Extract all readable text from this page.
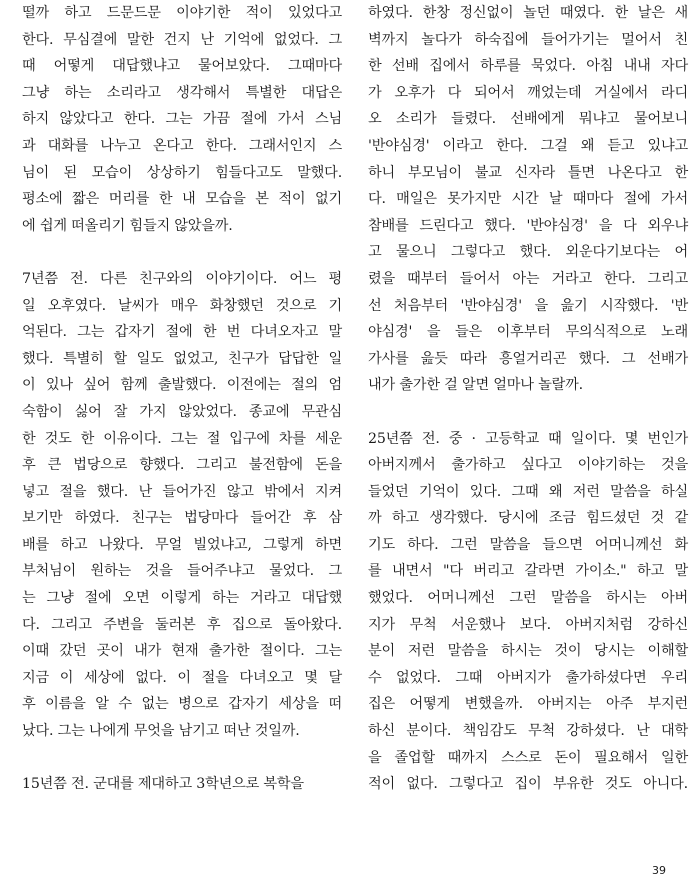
떨까 하고 드문드문 이야기한 적이 있었다고
한다. 무심결에 말한 건지 난 기억에 없었다. 그
때 어떻게 대답했냐고 물어보았다. 그때마다
그냥 하는 소리라고 생각해서 특별한 대답은
하지 않았다고 한다. 그는 가끔 절에 가서 스님
과 대화를 나누고 온다고 한다. 그래서인지 스
님이 된 모습이 상상하기 힘들다고도 말했다.
평소에 짧은 머리를 한 내 모습을 본 적이 없기
에 쉽게 떠올리기 힘들지 않았을까.
7년쯤 전. 다른 친구와의 이야기이다. 어느 평
일 오후였다. 날씨가 매우 화창했던 것으로 기
억된다. 그는 갑자기 절에 한 번 다녀오자고 말
했다. 특별히 할 일도 없었고, 친구가 답답한 일
이 있나 싶어 함께 출발했다. 이전에는 절의 엄
숙함이 싫어 잘 가지 않았었다. 종교에 무관심
한 것도 한 이유이다. 그는 절 입구에 차를 세운
후 큰 법당으로 향했다. 그리고 불전함에 돈을
넣고 절을 했다. 난 들어가진 않고 밖에서 지켜
보기만 하였다. 친구는 법당마다 들어간 후 삼
배를 하고 나왔다. 무얼 빌었냐고, 그렇게 하면
부처님이 원하는 것을 들어주냐고 물었다. 그
는 그냥 절에 오면 이렇게 하는 거라고 대답했
다. 그리고 주변을 둘러본 후 집으로 돌아왔다.
이때 갔던 곳이 내가 현재 출가한 절이다. 그는
지금 이 세상에 없다. 이 절을 다녀오고 몇 달
후 이름을 알 수 없는 병으로 갑자기 세상을 떠
났다. 그는 나에게 무엇을 남기고 떠난 것일까.
15년쯤 전. 군대를 제대하고 3학년으로 복학을
하였다. 한창 정신없이 놀던 때였다. 한 날은 새
벽까지 놀다가 하숙집에 들어가기는 멀어서 친
한 선배 집에서 하루를 묵었다. 아침 내내 자다
가 오후가 다 되어서 깨었는데 거실에서 라디
오 소리가 들렸다. 선배에게 뭐냐고 물어보니
'반야심경' 이라고 한다. 그걸 왜 듣고 있냐고
하니 부모님이 불교 신자라 틀면 나온다고 한
다. 매일은 못가지만 시간 날 때마다 절에 가서
참배를 드린다고 했다. '반야심경' 을 다 외우냐
고 물으니 그렇다고 했다. 외운다기보다는 어
렸을 때부터 들어서 아는 거라고 한다. 그리고
선 처음부터 '반야심경' 을 읊기 시작했다. '반
야심경' 을 들은 이후부터 무의식적으로 노래
가사를 읊듯 따라 흥얼거리곤 했다. 그 선배가
내가 출가한 걸 알면 얼마나 놀랄까.
25년쯤 전. 중 · 고등학교 때 일이다. 몇 번인가
아버지께서 출가하고 싶다고 이야기하는 것을
들었던 기억이 있다. 그때 왜 저런 말씀을 하실
까 하고 생각했다. 당시에 조금 힘드셨던 것 같
기도 하다. 그런 말씀을 들으면 어머니께선 화
를 내면서 "다 버리고 갈라면 가이소." 하고 말
했었다. 어머니께선 그런 말씀을 하시는 아버
지가 무척 서운했나 보다. 아버지처럼 강하신
분이 저런 말씀을 하시는 것이 당시는 이해할
수 없었다. 그때 아버지가 출가하셨다면 우리
집은 어떻게 변했을까. 아버지는 아주 부지런
하신 분이다. 책임감도 무척 강하셨다. 난 대학
을 졸업할 때까지 스스로 돈이 필요해서 일한
적이 없다. 그렇다고 집이 부유한 것도 아니다.
39
